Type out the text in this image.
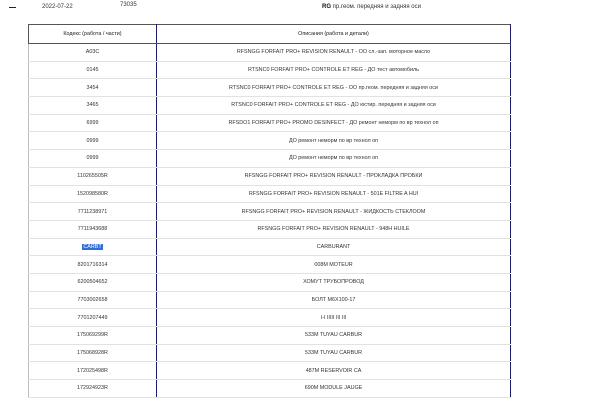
2022-07-22	73035	RG пр.геом. передняя и задняя оси
Кодекс (работа / части)	Описания (работа и детали)
A03C	RFSNGG FORFAIT PRO+ REVISION RENAULT - ОО сл.-зап. моторное масло
0145	RTSNC0 FORFAIT PRO+ CONTROLE ET REG - ДО тест автомобиль
3454	RTSNC0 FORFAIT PRO+ CONTROLE ET REG - ОО пр.геом. передняя и задняя оси
3465	RTSNC0 FORFAIT PRO+ CONTROLE ET REG - ДО юстир. передняя и задняя оси
6999	RFSDO1 FORFAIT PRO+ PROMO DESINFECT - ДО ремонт неморм по вр технол оп
0999	ДО ремонт неморм по вр технол оп
0999	ДО ремонт неморм по вр технол оп
110265505R	RFSNGG FORFAIT PRO+ REVISION RENAULT - ПРОКЛАДКА ПРОБКИ
152098580R	RFSNGG FORFAIT PRO+ REVISION RENAULT - 501E FILTRE A HUI
7711238971	RFSNGG FORFAIT PRO+ REVISION RENAULT - ЖИДКОСТЬ СТЕКЛООМ
7711943688	RFSNGG FORFAIT PRO+ REVISION RENAULT - 948H HUILE
CARBT	CARBURANT
8201716314	008M MOTEUR
6200504652	ХОМУТ ТРУБОПРОВОД
7703002658	БОЛТ М6Х100-17
7701207449	I-I IIIII III III
175069299R	533M TUYAU CARBUR
175068928R	533M TUYAU CARBUR
172025498R	487M RESERVOIR CA
172924923R	690M MODULE JAUGE
